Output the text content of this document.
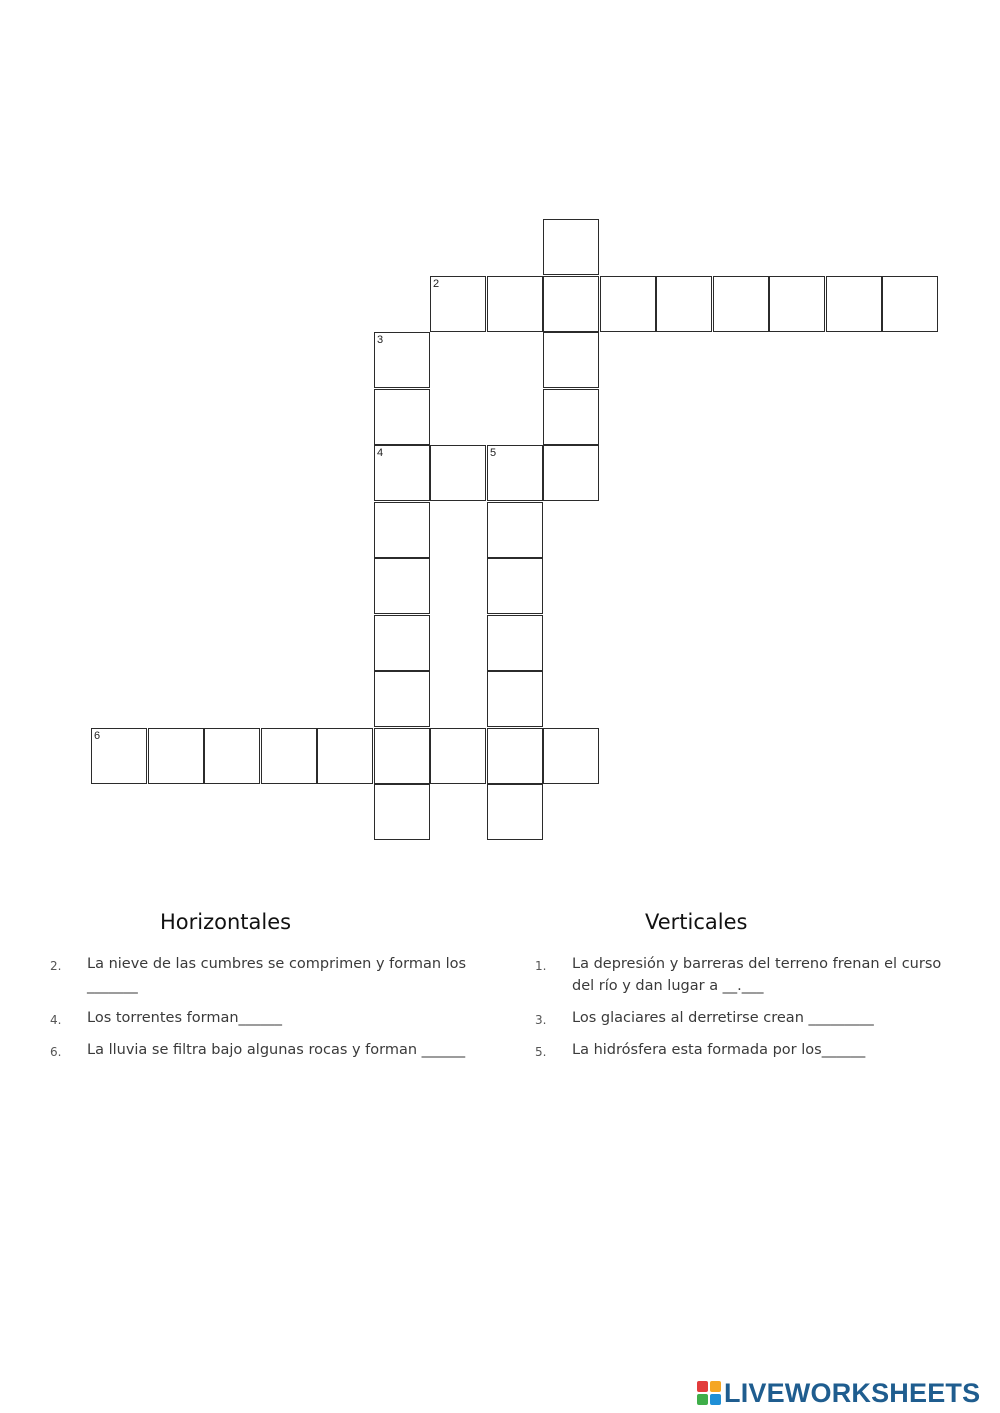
2
3
4	5
6
Horizontales	Verticales
2. La nieve de las cumbres se comprimen y forman los _______
4. Los torrentes forman______
6. La lluvia se filtra bajo algunas rocas y forman ______
1. La depresión y barreras del terreno frenan el curso del río y dan lugar a __.___
3. Los glaciares al derretirse crean _________
5. La hidrósfera esta formada por los______
LIVEWORKSHEETS
